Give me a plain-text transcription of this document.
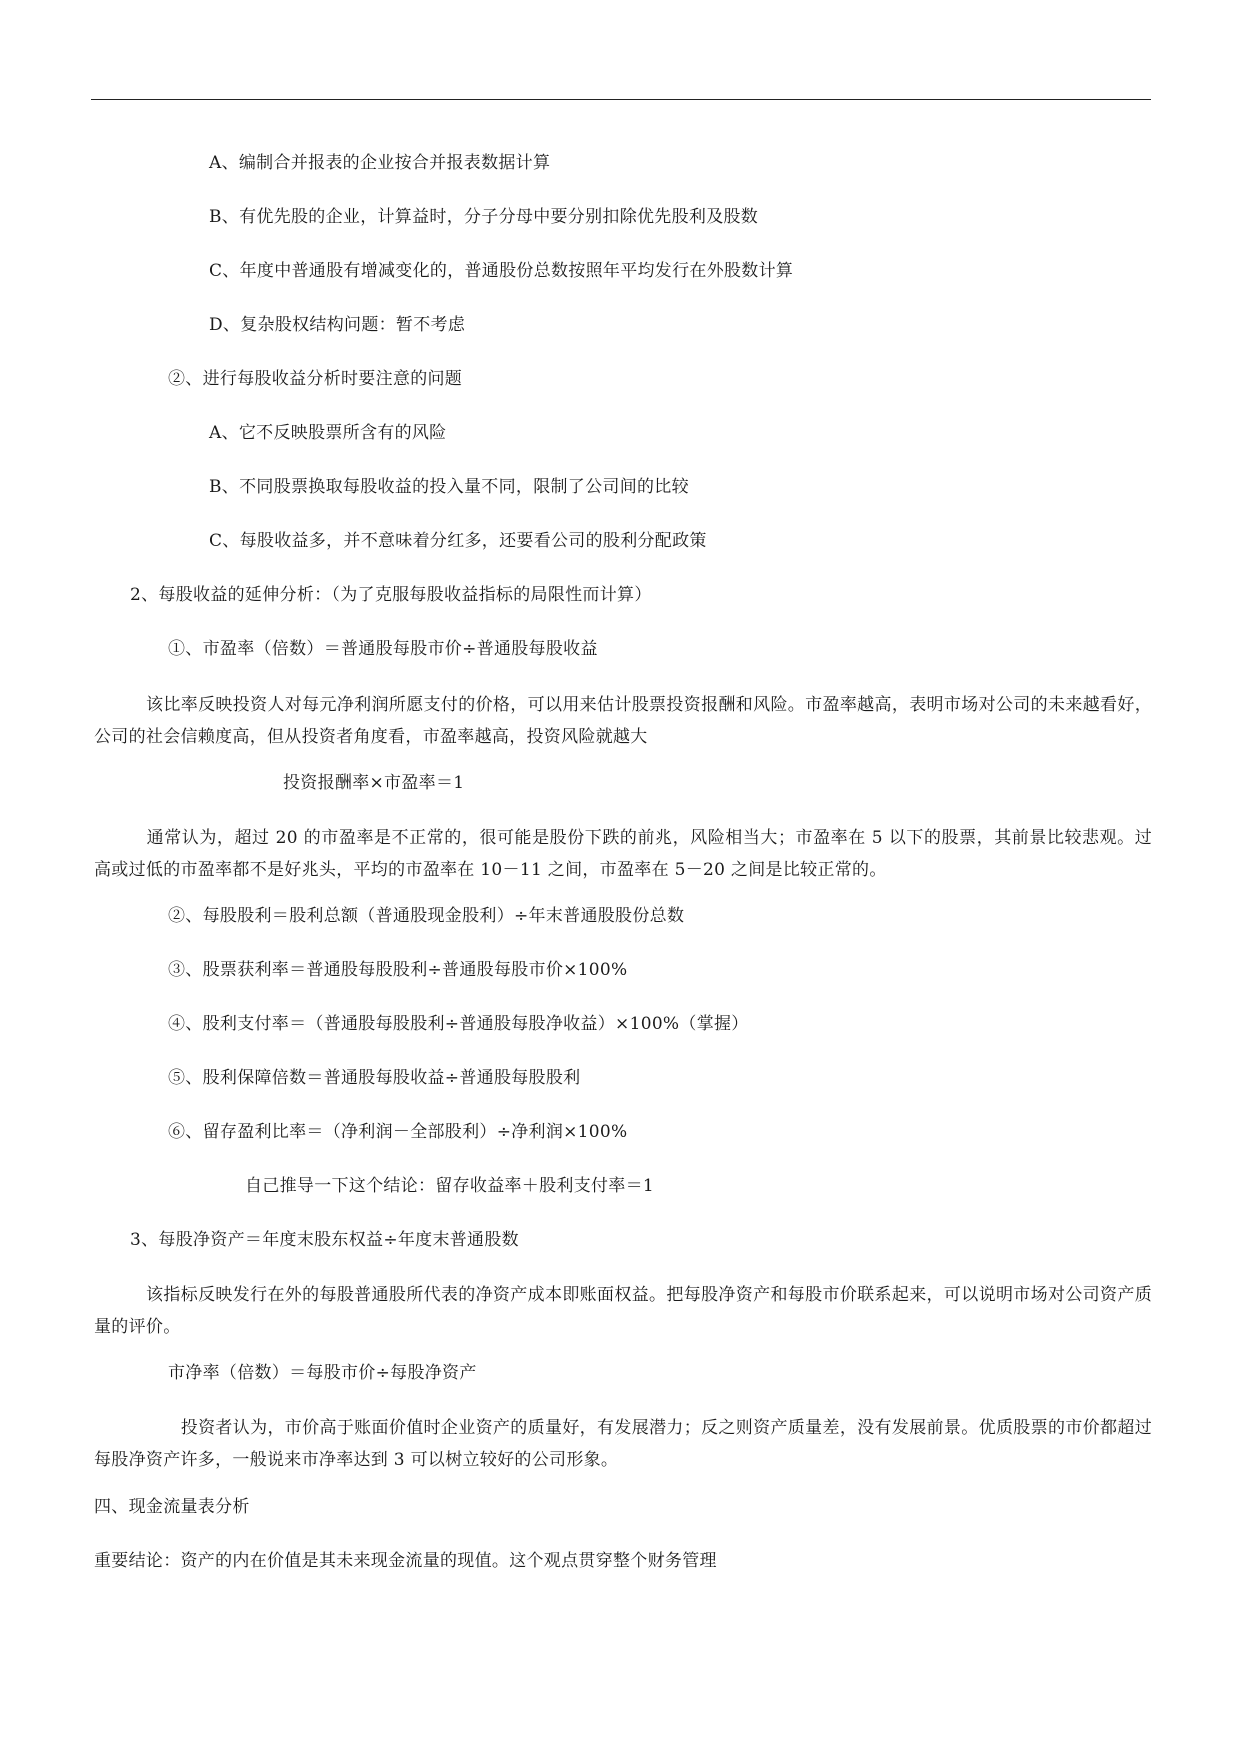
A、编制合并报表的企业按合并报表数据计算
B、有优先股的企业，计算益时，分子分母中要分别扣除优先股利及股数
C、年度中普通股有增减变化的，普通股份总数按照年平均发行在外股数计算
D、复杂股权结构问题：暂不考虑
②、进行每股收益分析时要注意的问题
A、它不反映股票所含有的风险
B、不同股票换取每股收益的投入量不同，限制了公司间的比较
C、每股收益多，并不意味着分红多，还要看公司的股利分配政策
2、每股收益的延伸分析：（为了克服每股收益指标的局限性而计算）
①、市盈率（倍数）＝普通股每股市价÷普通股每股收益

　　　该比率反映投资人对每元净利润所愿支付的价格，可以用来估计股票投资报酬和风险。市盈率越高，表明市场对公司的未来越看好，公司的社会信赖度高，但从投资者角度看，市盈率越高，投资风险就越大

投资报酬率×市盈率＝1

　　　通常认为，超过 20 的市盈率是不正常的，很可能是股份下跌的前兆，风险相当大；市盈率在 5 以下的股票，其前景比较悲观。过高或过低的市盈率都不是好兆头，平均的市盈率在 10－11 之间，市盈率在 5－20 之间是比较正常的。

②、每股股利＝股利总额（普通股现金股利）÷年末普通股股份总数
③、股票获利率＝普通股每股股利÷普通股每股市价×100%
④、股利支付率＝（普通股每股股利÷普通股每股净收益）×100%（掌握）
⑤、股利保障倍数＝普通股每股收益÷普通股每股股利
⑥、留存盈利比率＝（净利润－全部股利）÷净利润×100%
自己推导一下这个结论：留存收益率＋股利支付率＝1
3、每股净资产＝年度末股东权益÷年度末普通股数

　　　该指标反映发行在外的每股普通股所代表的净资产成本即账面权益。把每股净资产和每股市价联系起来，可以说明市场对公司资产质量的评价。

市净率（倍数）＝每股市价÷每股净资产

　　　　　投资者认为，市价高于账面价值时企业资产的质量好，有发展潜力；反之则资产质量差，没有发展前景。优质股票的市价都超过每股净资产许多，一般说来市净率达到 3 可以树立较好的公司形象。

四、现金流量表分析
重要结论：资产的内在价值是其未来现金流量的现值。这个观点贯穿整个财务管理
